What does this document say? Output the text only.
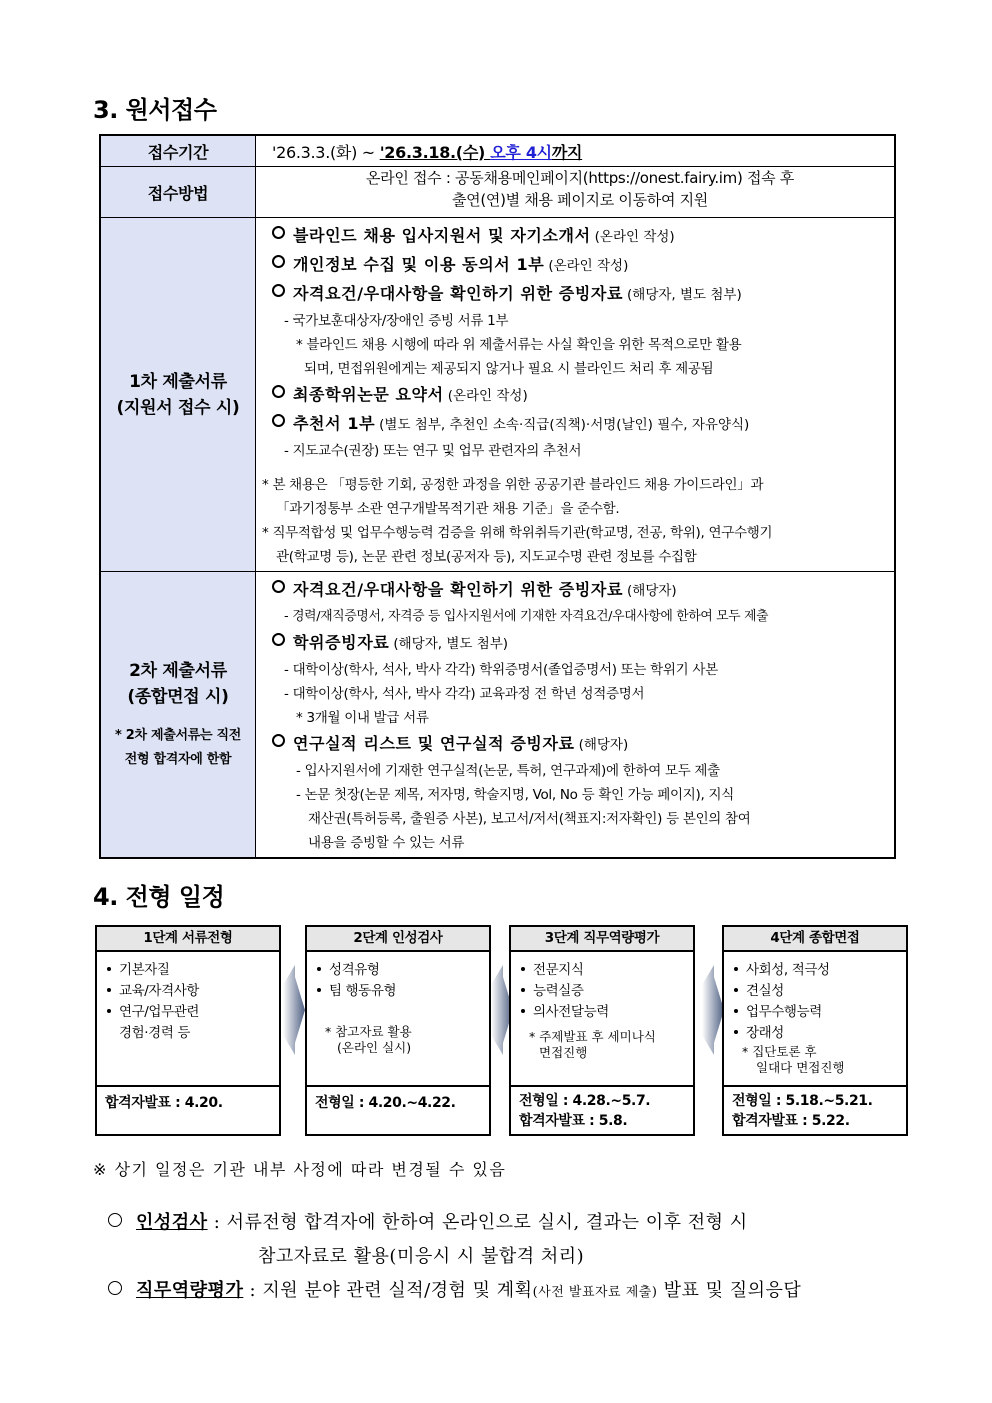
3. 원서접수
접수기간	'26.3.3.(화) ~ '26.3.18.(수) 오후 4시까지
접수방법	온라인 접수 : 공동채용메인페이지(https://onest.fairy.im) 접속 후
출연(연)별 채용 페이지로 이동하여 지원

1차 제출서류
(지원서 접수 시)

블라인드 채용 입사지원서 및 자기소개서 (온라인 작성)
개인정보 수집 및 이용 동의서 1부 (온라인 작성)
자격요건/우대사항을 확인하기 위한 증빙자료 (해당자, 별도 첨부)
- 국가보훈대상자/장애인 증빙 서류 1부
* 블라인드 채용 시행에 따라 위 제출서류는 사실 확인을 위한 목적으로만 활용
되며, 면접위원에게는 제공되지 않거나 필요 시 블라인드 처리 후 제공됨
최종학위논문 요약서 (온라인 작성)
추천서 1부 (별도 첨부, 추천인 소속·직급(직책)·서명(날인) 필수, 자유양식)
- 지도교수(권장) 또는 연구 및 업무 관련자의 추천서
* 본 채용은 「평등한 기회, 공정한 과정을 위한 공공기관 블라인드 채용 가이드라인」과
「과기정통부 소관 연구개발목적기관 채용 기준」을 준수함.
* 직무적합성 및 업무수행능력 검증을 위해 학위취득기관(학교명, 전공, 학위), 연구수행기
관(학교명 등), 논문 관련 정보(공저자 등), 지도교수명 관련 정보를 수집함

2차 제출서류
(종합면접 시)
* 2차 제출서류는 직전
전형 합격자에 한함

자격요건/우대사항을 확인하기 위한 증빙자료 (해당자)
- 경력/재직증명서, 자격증 등 입사지원서에 기재한 자격요건/우대사항에 한하여 모두 제출
학위증빙자료 (해당자, 별도 첨부)
- 대학이상(학사, 석사, 박사 각각) 학위증명서(졸업증명서) 또는 학위기 사본
- 대학이상(학사, 석사, 박사 각각) 교육과정 전 학년 성적증명서
* 3개월 이내 발급 서류
연구실적 리스트 및 연구실적 증빙자료 (해당자)
- 입사지원서에 기재한 연구실적(논문, 특허, 연구과제)에 한하여 모두 제출
- 논문 첫장(논문 제목, 저자명, 학술지명, Vol, No 등 확인 가능 페이지), 지식
재산권(특허등록, 출원증 사본), 보고서/저서(책표지:저자확인) 등 본인의 참여
내용을 증빙할 수 있는 서류
4. 전형 일정
1단계 서류전형
기본자질
교육/자격사항
연구/업무관련
경험·경력 등
합격자발표 : 4.20.
2단계 인성검사
성격유형
팀 행동유형
* 참고자료 활용
(온라인 실시)
전형일 : 4.20.~4.22.
3단계 직무역량평가
전문지식
능력실증
의사전달능력
* 주제발표 후 세미나식
면접진행
전형일 : 4.28.~5.7.
합격자발표 : 5.8.
4단계 종합면접
사회성, 적극성
견실성
업무수행능력
장래성
* 집단토론 후
일대다 면접진행
전형일 : 5.18.~5.21.
합격자발표 : 5.22.
※ 상기 일정은 기관 내부 사정에 따라 변경될 수 있음
인성검사 : 서류전형 합격자에 한하여 온라인으로 실시, 결과는 이후 전형 시
참고자료로 활용(미응시 시 불합격 처리)
직무역량평가 : 지원 분야 관련 실적/경험 및 계획(사전 발표자료 제출) 발표 및 질의응답
